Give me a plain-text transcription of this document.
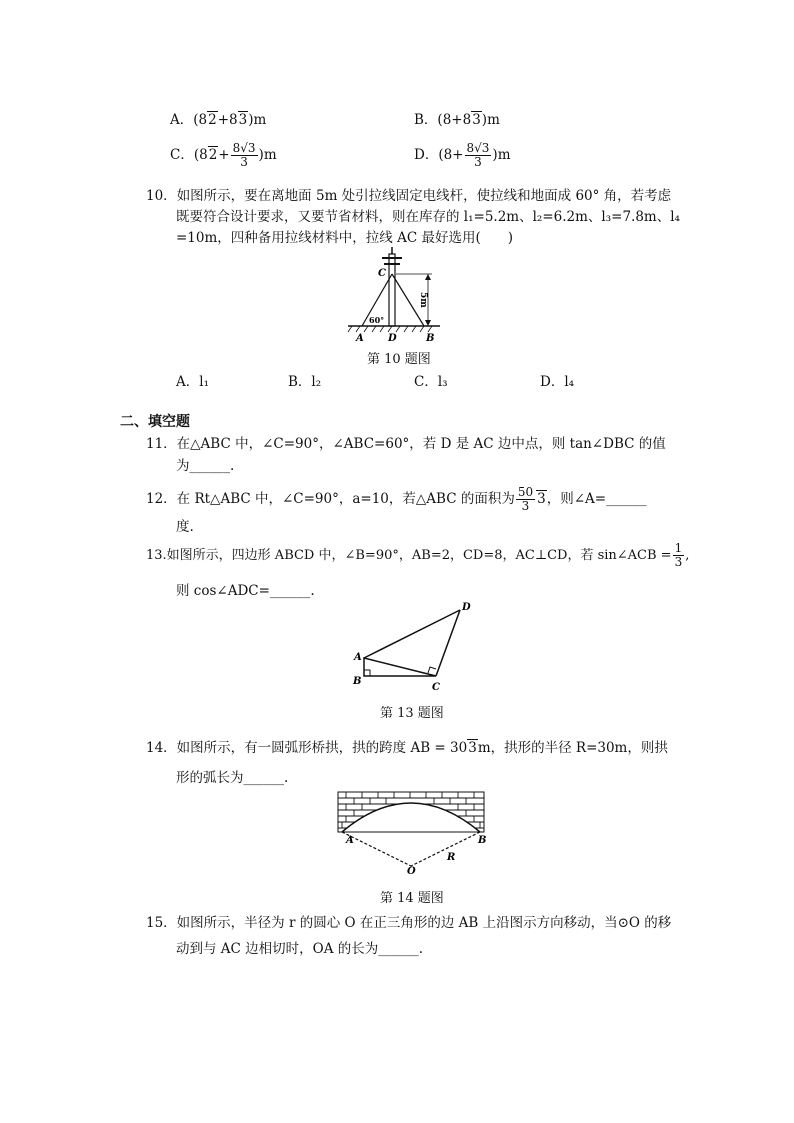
A．(82+83)m	B．(8+83)m
C．$(82+ \frac{8√3}{3} )m$	D．$(8+ \frac{8√3}{3} )m$
10．如图所示，要在离地面 5m 处引拉线固定电线杆，使拉线和地面成 60° 角，若考虑
既要符合设计要求，又要节省材料，则在库存的 l₁=5.2m、l₂=6.2m、l₃=7.8m、l₄
=10m，四种备用拉线材料中，拉线 AC 最好选用(　　)
5m
60°
C
A D	B
第 10 题图
A．l₁	B．l₂	C．l₃	D．l₄
二、填空题
11．在△ABC 中，∠C=90°，∠ABC=60°，若 D 是 AC 边中点，则 tan∠DBC 的值
为______.
12．在 Rt△ABC 中，∠C=90°，a=10，若△ABC 的面积为 $\frac{50}{3} 3$，则∠A=______
度.
13.如图所示，四边形 ABCD 中，∠B=90°，AB=2，CD=8，AC⊥CD，若 sin∠ACB = $\frac{1}{3}$ ,
则 cos∠ADC=______.
A
B
C
D
第 13 题图
14．如图所示，有一圆弧形桥拱，拱的跨度 AB = 303m，拱形的半径 R=30m，则拱
形的弧长为______.
A	B
R
O
第 14 题图
15．如图所示，半径为 r 的圆心 O 在正三角形的边 AB 上沿图示方向移动，当⊙O 的移
动到与 AC 边相切时，OA 的长为______.
